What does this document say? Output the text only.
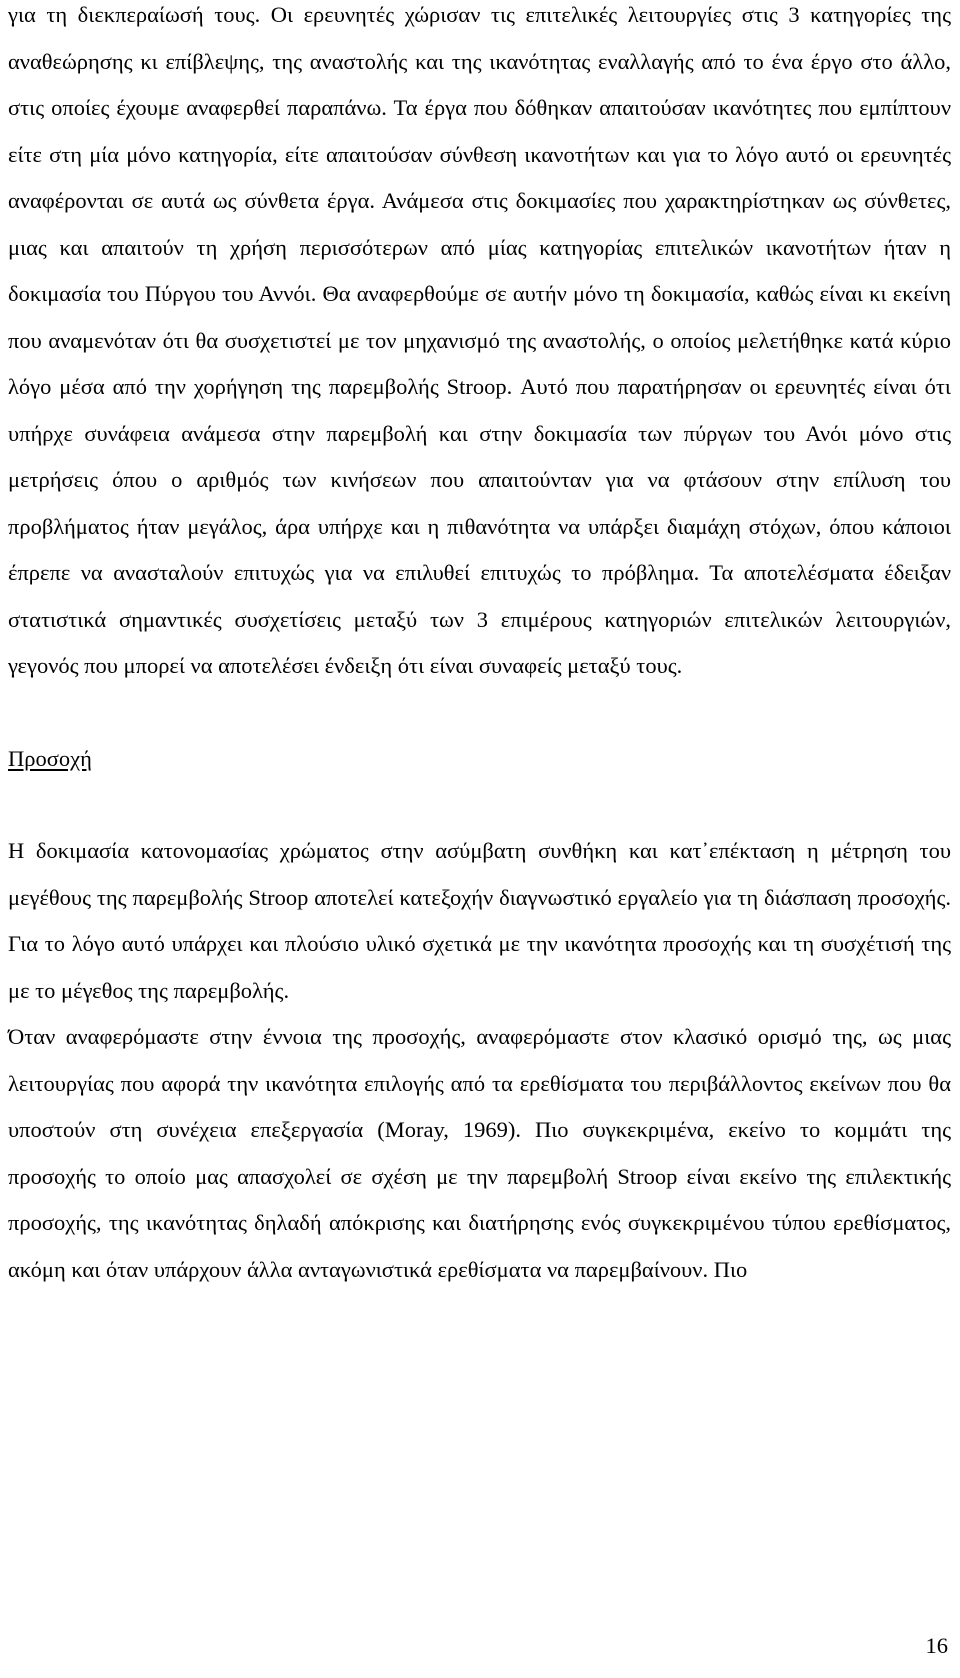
για τη διεκπεραίωσή τους. Οι ερευνητές χώρισαν τις επιτελικές λειτουργίες στις 3 κατηγορίες της αναθεώρησης κι επίβλεψης, της αναστολής και της ικανότητας εναλλαγής από το ένα έργο στο άλλο, στις οποίες έχουμε αναφερθεί παραπάνω. Τα έργα που δόθηκαν απαιτούσαν ικανότητες που εμπίπτουν είτε στη μία μόνο κατηγορία, είτε απαιτούσαν σύνθεση ικανοτήτων και για το λόγο αυτό οι ερευνητές αναφέρονται σε αυτά ως σύνθετα έργα. Ανάμεσα στις δοκιμασίες που χαρακτηρίστηκαν ως σύνθετες, μιας και απαιτούν τη χρήση περισσότερων από μίας κατηγορίας επιτελικών ικανοτήτων ήταν η δοκιμασία του Πύργου του Αννόι. Θα αναφερθούμε σε αυτήν μόνο τη δοκιμασία, καθώς είναι κι εκείνη που αναμενόταν ότι θα συσχετιστεί με τον μηχανισμό της αναστολής, ο οποίος μελετήθηκε κατά κύριο λόγο μέσα από την χορήγηση της παρεμβολής Stroop. Αυτό που παρατήρησαν οι ερευνητές είναι ότι υπήρχε συνάφεια ανάμεσα στην παρεμβολή και στην δοκιμασία των πύργων του Ανόι μόνο στις μετρήσεις όπου ο αριθμός των κινήσεων που απαιτούνταν για να φτάσουν στην επίλυση του προβλήματος ήταν μεγάλος, άρα υπήρχε και η πιθανότητα να υπάρξει διαμάχη στόχων, όπου κάποιοι έπρεπε να ανασταλούν επιτυχώς για να επιλυθεί επιτυχώς το πρόβλημα. Τα αποτελέσματα έδειξαν στατιστικά σημαντικές συσχετίσεις μεταξύ των 3 επιμέρους κατηγοριών επιτελικών λειτουργιών, γεγονός που μπορεί να αποτελέσει ένδειξη ότι είναι συναφείς μεταξύ τους.

Προσοχή

Η δοκιμασία κατονομασίας χρώματος στην ασύμβατη συνθήκη και κατ᾽επέκταση η μέτρηση του μεγέθους της παρεμβολής Stroop αποτελεί κατεξοχήν διαγνωστικό εργαλείο για τη διάσπαση προσοχής. Για το λόγο αυτό υπάρχει και πλούσιο υλικό σχετικά με την ικανότητα προσοχής και τη συσχέτισή της με το μέγεθος της παρεμβολής.

Όταν αναφερόμαστε στην έννοια της προσοχής, αναφερόμαστε στον κλασικό ορισμό της, ως μιας λειτουργίας που αφορά την ικανότητα επιλογής από τα ερεθίσματα του περιβάλλοντος εκείνων που θα υποστούν στη συνέχεια επεξεργασία (Moray, 1969). Πιο συγκεκριμένα, εκείνο το κομμάτι της προσοχής το οποίο μας απασχολεί σε σχέση με την παρεμβολή Stroop είναι εκείνο της επιλεκτικής προσοχής, της ικανότητας δηλαδή απόκρισης και διατήρησης ενός συγκεκριμένου τύπου ερεθίσματος, ακόμη και όταν υπάρχουν άλλα ανταγωνιστικά ερεθίσματα να παρεμβαίνουν. Πιο

16
